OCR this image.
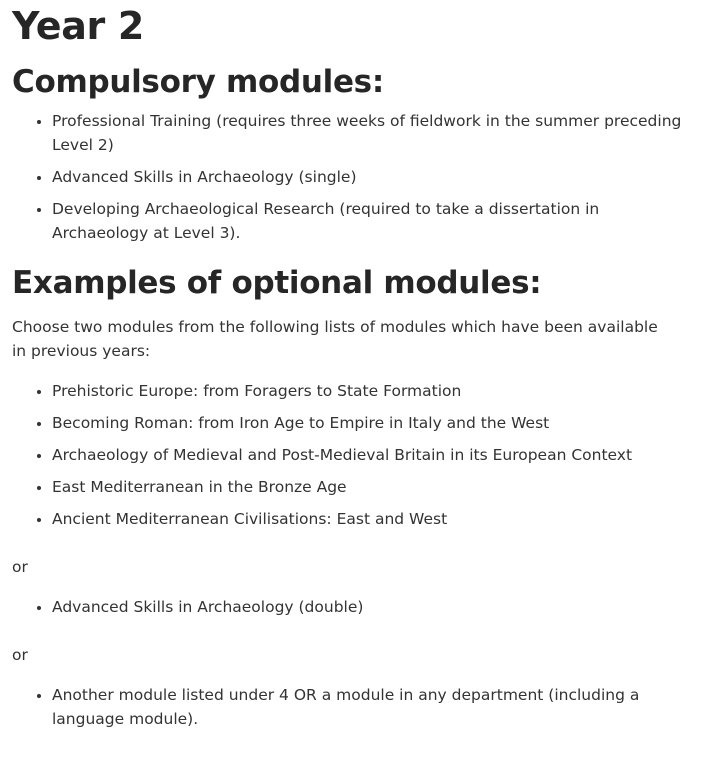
Year 2
Compulsory modules:
• Professional Training (requires three weeks of fieldwork in the summer preceding Level 2)
• Advanced Skills in Archaeology (single)
• Developing Archaeological Research (required to take a dissertation in Archaeology at Level 3).
Examples of optional modules:

Choose two modules from the following lists of modules which have been available in previous years:

• Prehistoric Europe: from Foragers to State Formation
• Becoming Roman: from Iron Age to Empire in Italy and the West
• Archaeology of Medieval and Post-Medieval Britain in its European Context
• East Mediterranean in the Bronze Age
• Ancient Mediterranean Civilisations: East and West

or

• Advanced Skills in Archaeology (double)

or

• Another module listed under 4 OR a module in any department (including a language module).
